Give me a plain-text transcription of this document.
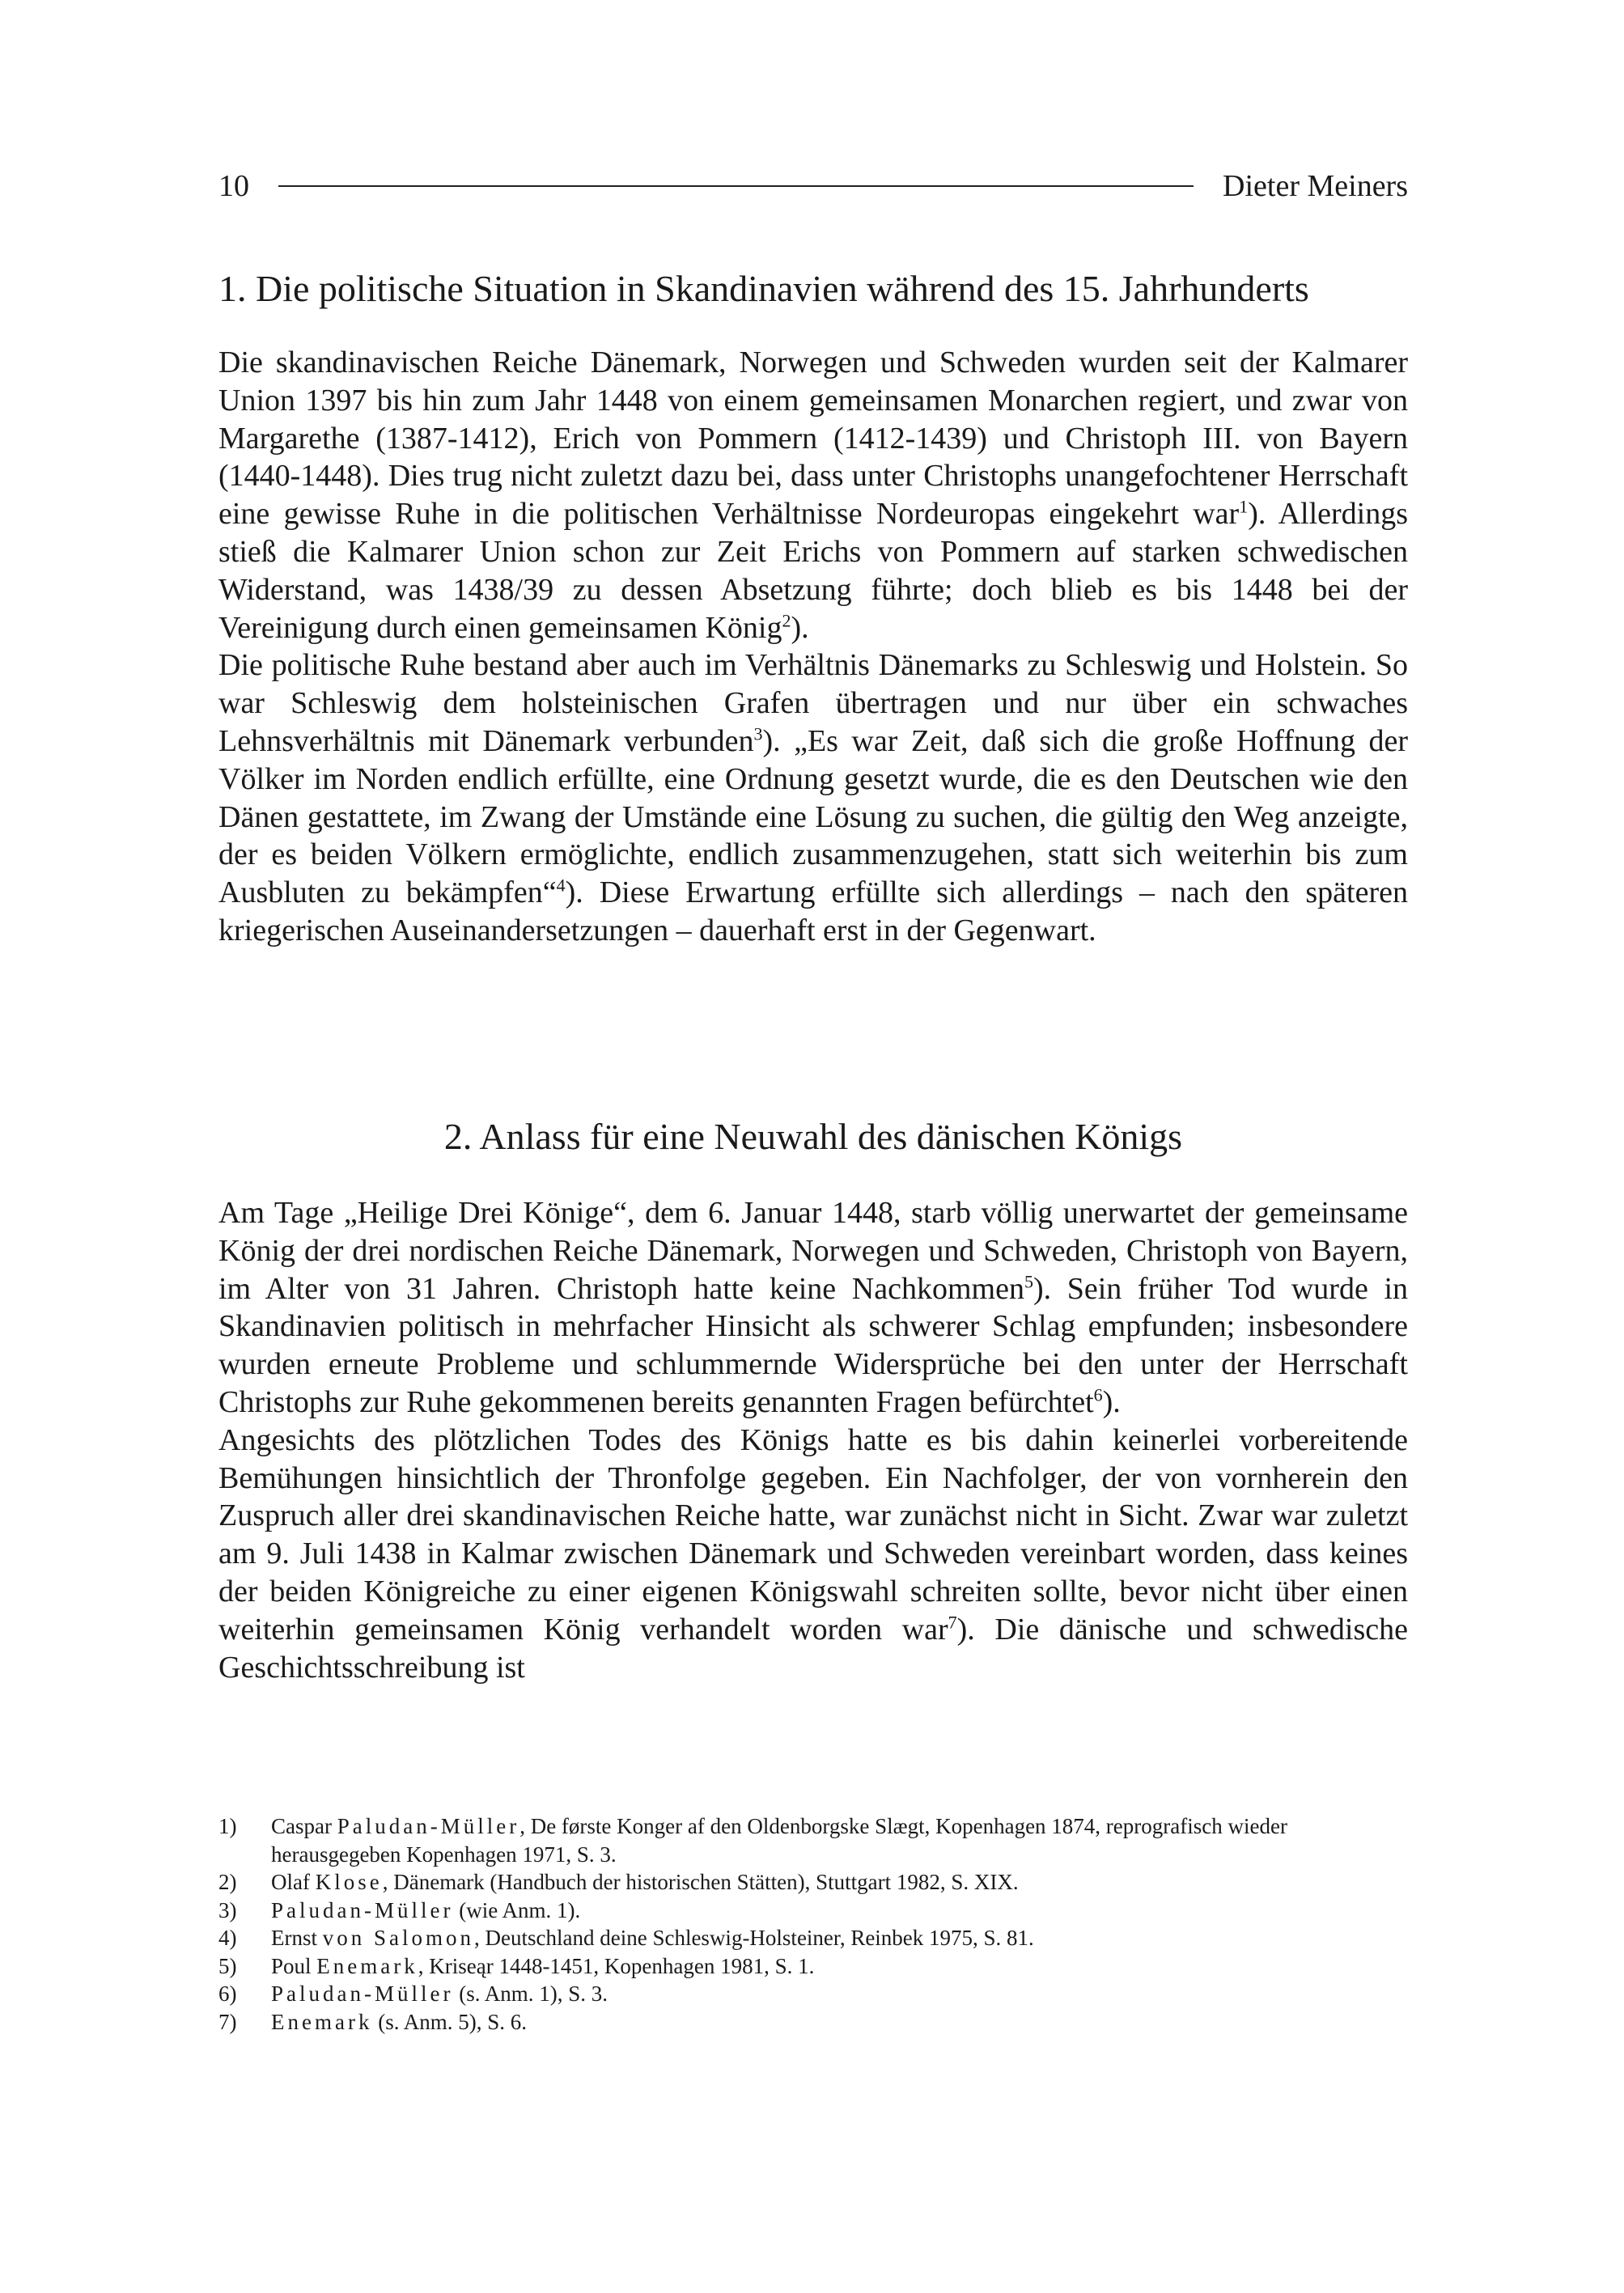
10	Dieter Meiners
1. Die politische Situation in Skandinavien während des 15. Jahrhunderts

Die skandinavischen Reiche Dänemark, Norwegen und Schweden wurden seit der Kalmarer Union 1397 bis hin zum Jahr 1448 von einem gemeinsamen Monarchen regiert, und zwar von Margarethe (1387-1412), Erich von Pommern (1412-1439) und Christoph III. von Bayern (1440-1448). Dies trug nicht zuletzt dazu bei, dass unter Christophs unangefochtener Herrschaft eine gewisse Ruhe in die politischen Verhältnisse Nordeuropas eingekehrt war$^1$). Allerdings stieß die Kalmarer Union schon zur Zeit Erichs von Pommern auf starken schwedischen Widerstand, was 1438/39 zu dessen Absetzung führte; doch blieb es bis 1448 bei der Vereinigung durch einen gemeinsamen König$^2$).

Die politische Ruhe bestand aber auch im Verhältnis Dänemarks zu Schleswig und Holstein. So war Schleswig dem holsteinischen Grafen übertragen und nur über ein schwaches Lehnsverhältnis mit Dänemark verbunden$^3$). „Es war Zeit, daß sich die große Hoffnung der Völker im Norden endlich erfüllte, eine Ordnung gesetzt wurde, die es den Deutschen wie den Dänen gestattete, im Zwang der Umstände eine Lösung zu suchen, die gültig den Weg anzeigte, der es beiden Völkern ermöglichte, endlich zusammenzugehen, statt sich weiterhin bis zum Ausbluten zu bekämpfen“$^4$). Diese Erwartung erfüllte sich allerdings – nach den späteren kriegerischen Auseinandersetzungen – dauerhaft erst in der Gegenwart.

2. Anlass für eine Neuwahl des dänischen Königs

Am Tage „Heilige Drei Könige“, dem 6. Januar 1448, starb völlig unerwartet der gemeinsame König der drei nordischen Reiche Dänemark, Norwegen und Schweden, Christoph von Bayern, im Alter von 31 Jahren. Christoph hatte keine Nachkommen$^5$). Sein früher Tod wurde in Skandinavien politisch in mehrfacher Hinsicht als schwerer Schlag empfunden; insbesondere wurden erneute Probleme und schlummernde Widersprüche bei den unter der Herrschaft Christophs zur Ruhe gekommenen bereits genannten Fragen befürchtet$^6$).

Angesichts des plötzlichen Todes des Königs hatte es bis dahin keinerlei vorbereitende Bemühungen hinsichtlich der Thronfolge gegeben. Ein Nachfolger, der von vornherein den Zuspruch aller drei skandinavischen Reiche hatte, war zunächst nicht in Sicht. Zwar war zuletzt am 9. Juli 1438 in Kalmar zwischen Dänemark und Schweden vereinbart worden, dass keines der beiden Königreiche zu einer eigenen Königswahl schreiten sollte, bevor nicht über einen weiterhin gemeinsamen König verhandelt worden war$^7$). Die dänische und schwedische Geschichtsschreibung ist

1)	Caspar Paludan-Müller, De første Konger af den Oldenborgske Slægt, Kopenhagen 1874, reprografisch wieder herausgegeben Kopenhagen 1971, S. 3.
2)	Olaf Klose, Dänemark (Handbuch der historischen Stätten), Stuttgart 1982, S. XIX.
3)	Paludan-Müller (wie Anm. 1).
4)	Ernst von Salomon, Deutschland deine Schleswig-Holsteiner, Reinbek 1975, S. 81.
5)	Poul Enemark, Kriseąr 1448-1451, Kopenhagen 1981, S. 1.
6)	Paludan-Müller (s. Anm. 1), S. 3.
7)	Enemark (s. Anm. 5), S. 6.
